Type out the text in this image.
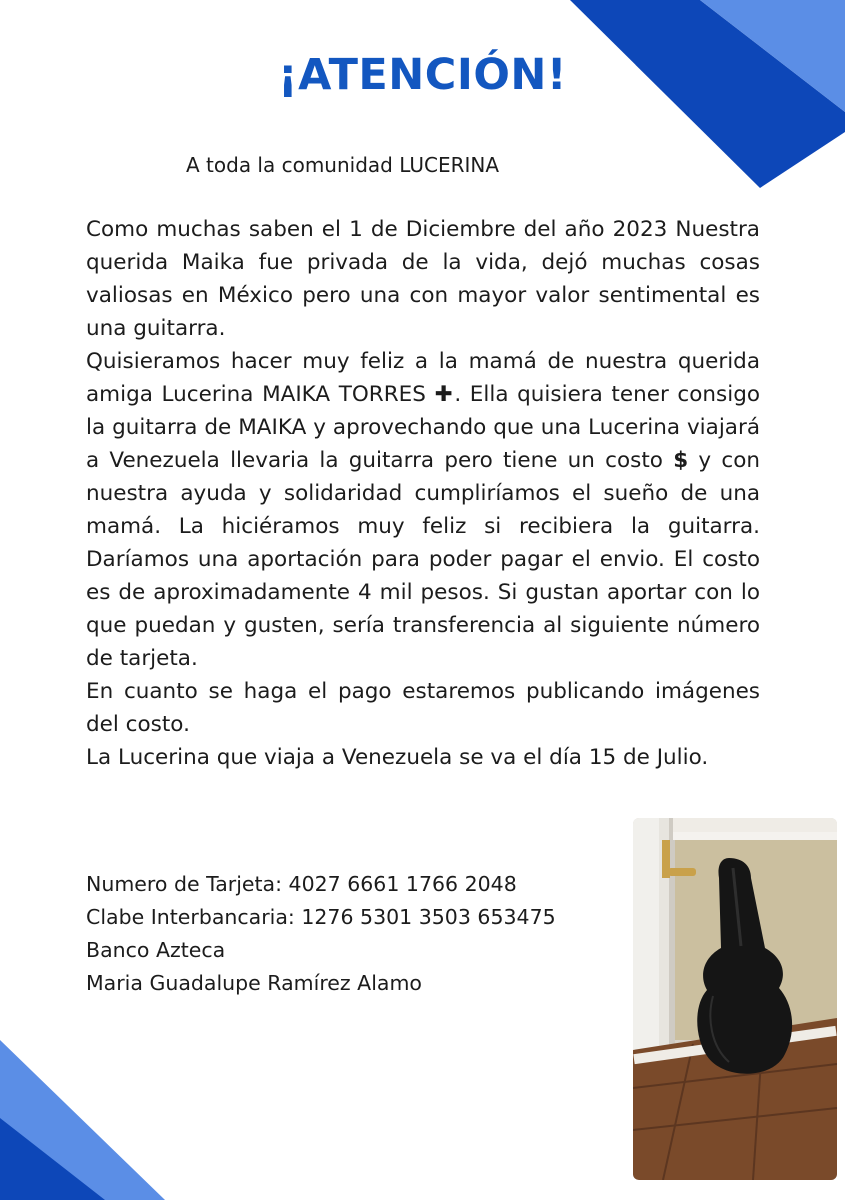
¡ATENCIÓN!

A toda la comunidad LUCERINA

Como muchas saben el 1 de Diciembre del año 2023 Nuestra querida Maika fue privada de la vida, dejó muchas cosas valiosas en México pero una con mayor valor sentimental es una guitarra.

Quisieramos hacer muy feliz a la mamá de nuestra querida amiga Lucerina MAIKA TORRES ✚. Ella quisiera tener consigo la guitarra de MAIKA y aprovechando que una Lucerina viajará a Venezuela llevaria la guitarra pero tiene un costo $ y con nuestra ayuda y solidaridad cumpliríamos el sueño de una mamá. La hiciéramos muy feliz si recibiera la guitarra. Daríamos una aportación para poder pagar el envio. El costo es de aproximadamente 4 mil pesos. Si gustan aportar con lo que puedan y gusten, sería transferencia al siguiente número de tarjeta.

En cuanto se haga el pago estaremos publicando imágenes del costo.

La Lucerina que viaja a Venezuela se va el día 15 de Julio.

Numero de Tarjeta: 4027 6661 1766 2048
Clabe Interbancaria: 1276 5301 3503 653475
Banco Azteca
Maria Guadalupe Ramírez Alamo
